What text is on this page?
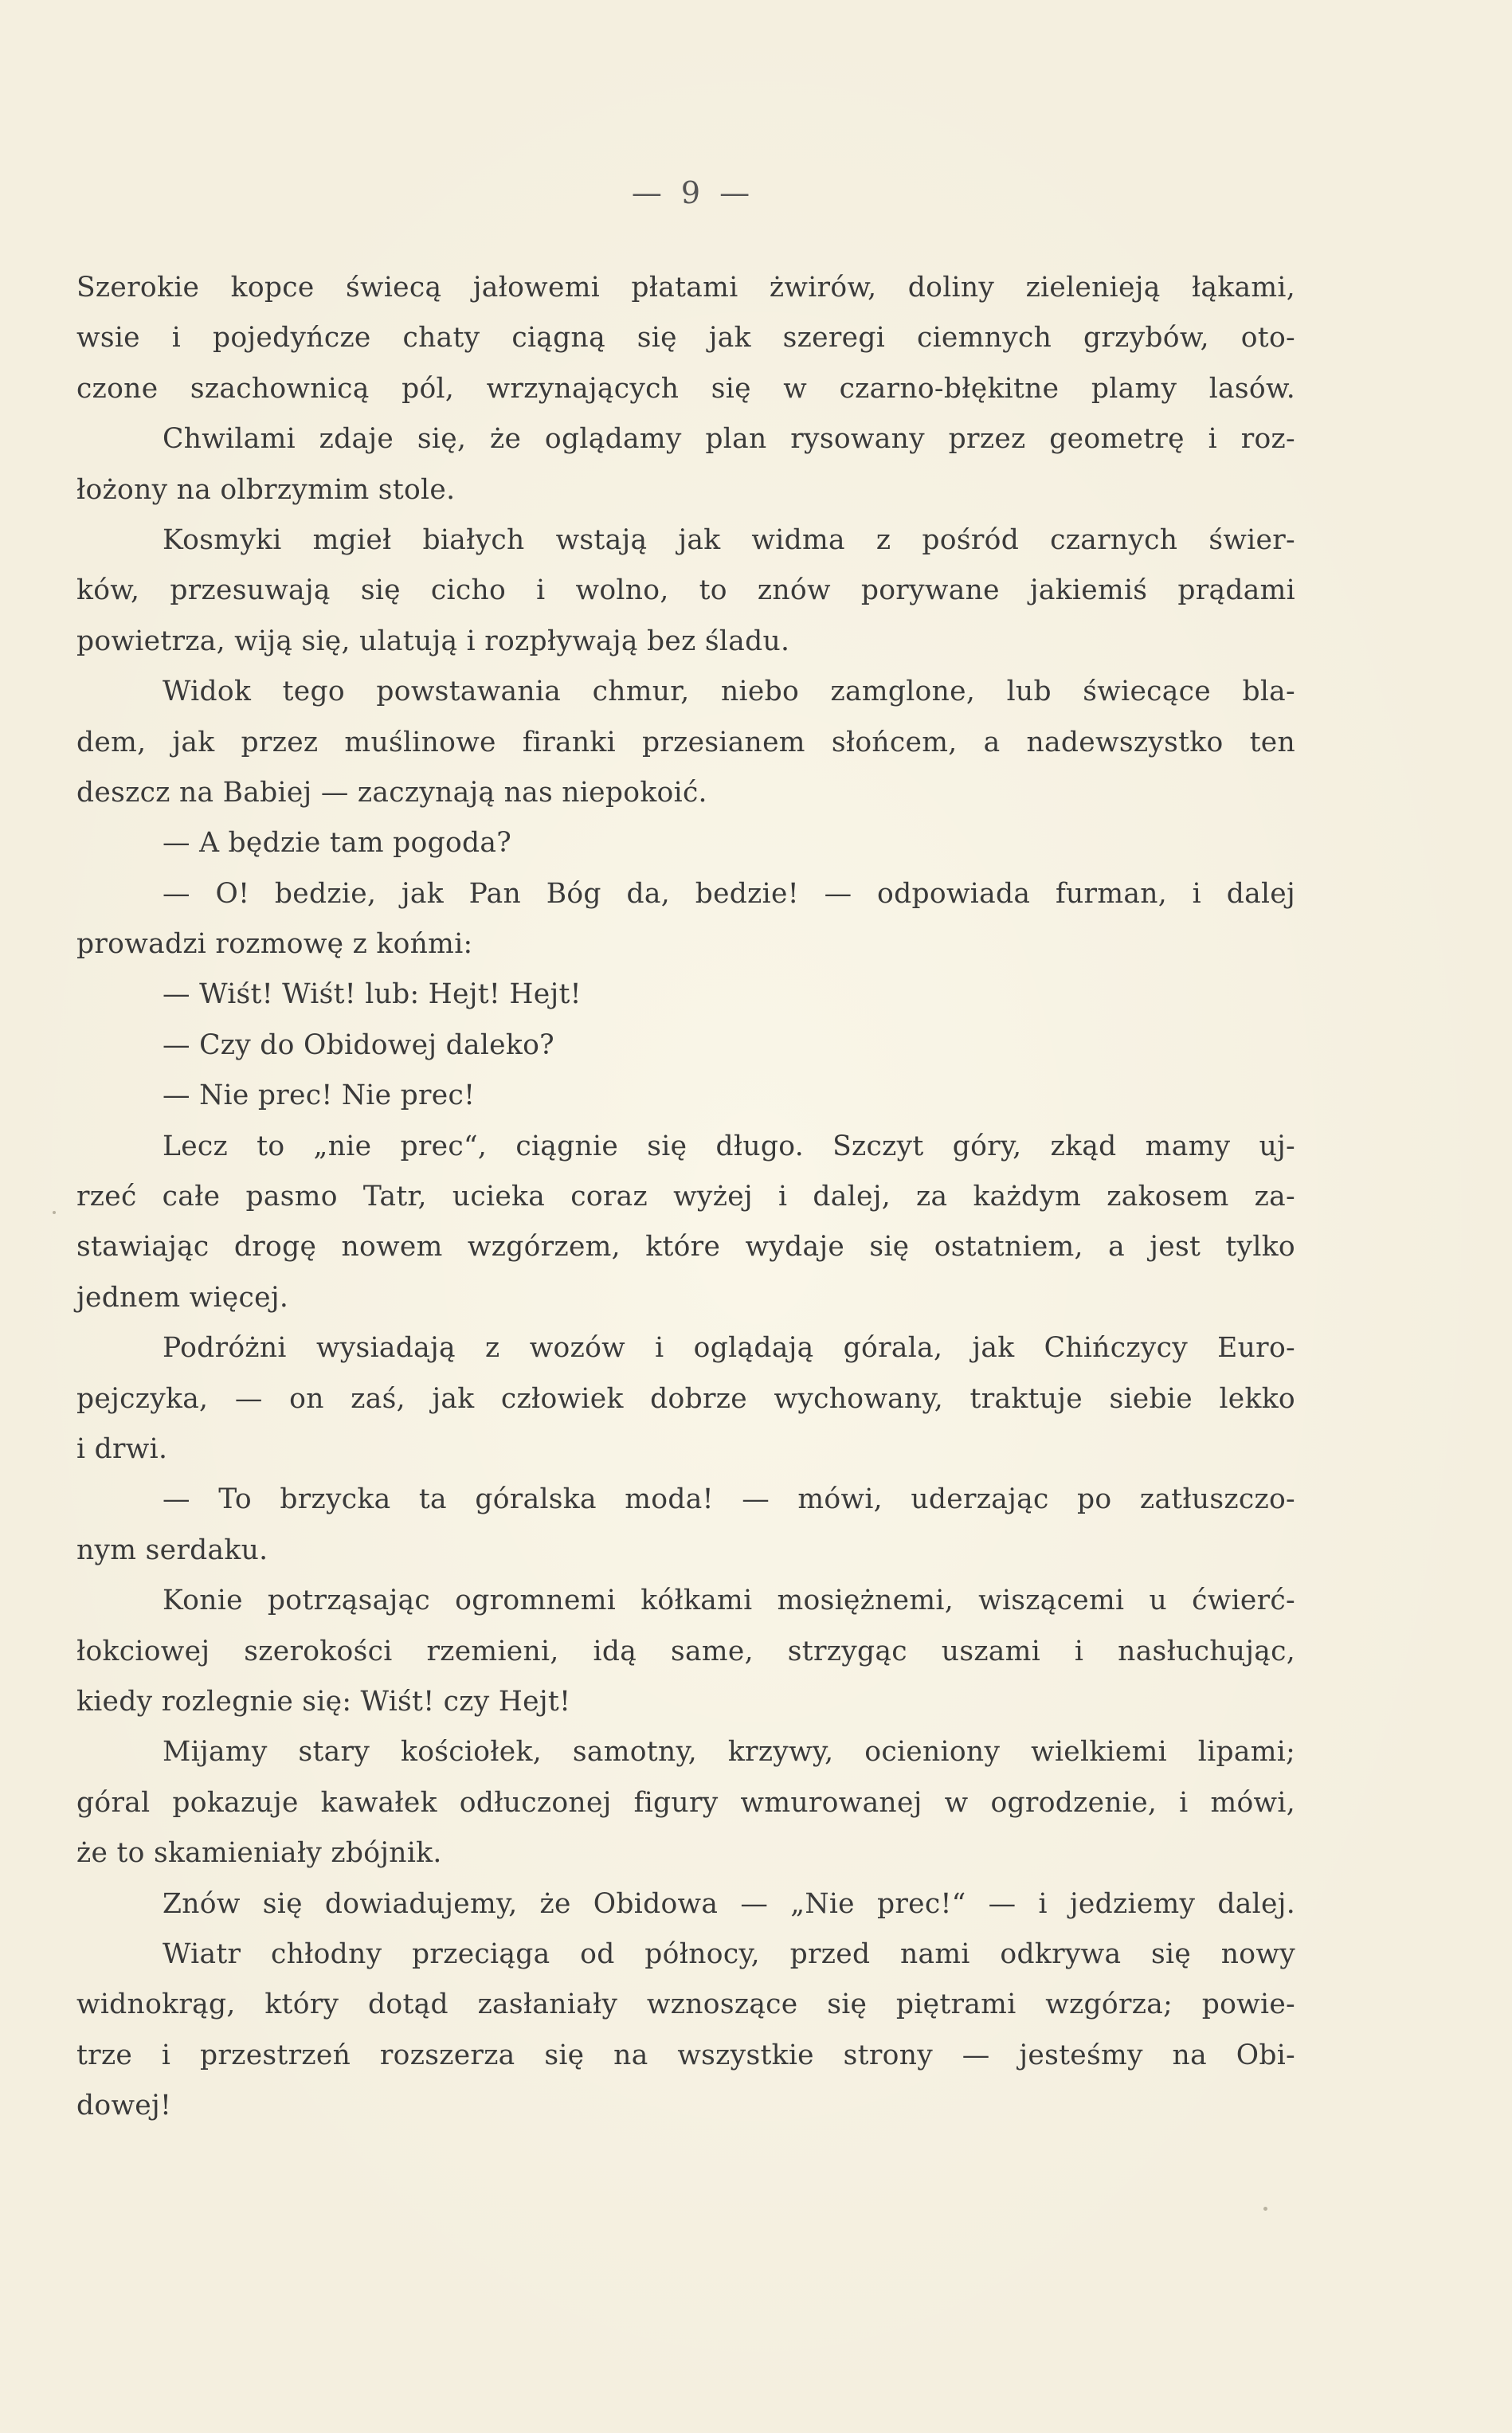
— 9 —
Szerokie kopce świecą jałowemi płatami żwirów, doliny zielenieją łąkami,
wsie i pojedyńcze chaty ciągną się jak szeregi ciemnych grzybów, oto-
czone szachownicą pól, wrzynających się w czarno-błękitne plamy lasów.
Chwilami zdaje się, że oglądamy plan rysowany przez geometrę i roz-
łożony na olbrzymim stole.
Kosmyki mgieł białych wstają jak widma z pośród czarnych świer-
ków, przesuwają się cicho i wolno, to znów porywane jakiemiś prądami
powietrza, wiją się, ulatują i rozpływają bez śladu.
Widok tego powstawania chmur, niebo zamglone, lub świecące bla-
dem, jak przez muślinowe firanki przesianem słońcem, a nadewszystko ten
deszcz na Babiej — zaczynają nas niepokoić.
— A będzie tam pogoda?
— O! bedzie, jak Pan Bóg da, bedzie! — odpowiada furman, i dalej
prowadzi rozmowę z końmi:
— Wiśt! Wiśt! lub: Hejt! Hejt!
— Czy do Obidowej daleko?
— Nie prec! Nie prec!
Lecz to „nie prec“, ciągnie się długo. Szczyt góry, zkąd mamy uj-
rzeć całe pasmo Tatr, ucieka coraz wyżej i dalej, za każdym zakosem za-
stawiając drogę nowem wzgórzem, które wydaje się ostatniem, a jest tylko
jednem więcej.
Podróżni wysiadają z wozów i oglądają górala, jak Chińczycy Euro-
pejczyka, — on zaś, jak człowiek dobrze wychowany, traktuje siebie lekko
i drwi.
— To brzycka ta góralska moda! — mówi, uderzając po zatłuszczo-
nym serdaku.
Konie potrząsając ogromnemi kółkami mosiężnemi, wiszącemi u ćwierć-
łokciowej szerokości rzemieni, idą same, strzygąc uszami i nasłuchując,
kiedy rozlegnie się: Wiśt! czy Hejt!
Mijamy stary kościołek, samotny, krzywy, ocieniony wielkiemi lipami;
góral pokazuje kawałek odłuczonej figury wmurowanej w ogrodzenie, i mówi,
że to skamieniały zbójnik.
Znów się dowiadujemy, że Obidowa — „Nie prec!“ — i jedziemy dalej.
Wiatr chłodny przeciąga od północy, przed nami odkrywa się nowy
widnokrąg, który dotąd zasłaniały wznoszące się piętrami wzgórza; powie-
trze i przestrzeń rozszerza się na wszystkie strony — jesteśmy na Obi-
dowej!
